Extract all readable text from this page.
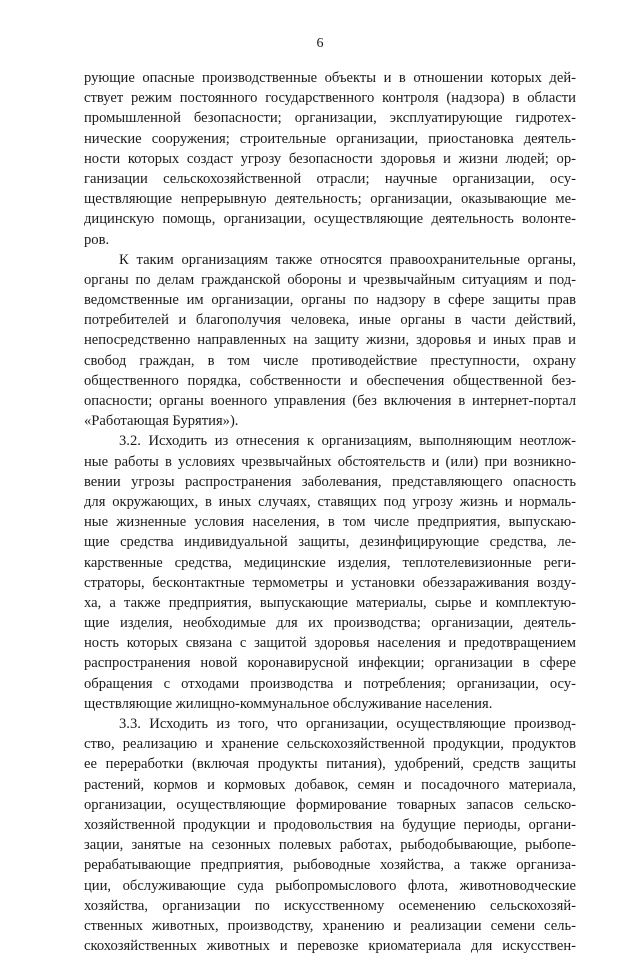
6
рующие опасные производственные объекты и в отношении которых дей-
ствует режим постоянного государственного контроля (надзора) в области
промышленной безопасности; организации, эксплуатирующие гидротех-
нические сооружения; строительные организации, приостановка деятель-
ности которых создаст угрозу безопасности здоровья и жизни людей; ор-
ганизации сельскохозяйственной отрасли; научные организации, осу-
ществляющие непрерывную деятельность; организации, оказывающие ме-
дицинскую помощь, организации, осуществляющие деятельность волонте-
ров.
К таким организациям также относятся правоохранительные органы,
органы по делам гражданской обороны и чрезвычайным ситуациям и под-
ведомственные им организации, органы по надзору в сфере защиты прав
потребителей и благополучия человека, иные органы в части действий,
непосредственно направленных на защиту жизни, здоровья и иных прав и
свобод граждан, в том числе противодействие преступности, охрану
общественного порядка, собственности и обеспечения общественной без-
опасности; органы военного управления (без включения в интернет-портал
«Работающая Бурятия»).
3.2. Исходить из отнесения к организациям, выполняющим неотлож-
ные работы в условиях чрезвычайных обстоятельств и (или) при возникно-
вении угрозы распространения заболевания, представляющего опасность
для окружающих, в иных случаях, ставящих под угрозу жизнь и нормаль-
ные жизненные условия населения, в том числе предприятия, выпускаю-
щие средства индивидуальной защиты, дезинфицирующие средства, ле-
карственные средства, медицинские изделия, теплотелевизионные реги-
страторы, бесконтактные термометры и установки обеззараживания возду-
ха, а также предприятия, выпускающие материалы, сырье и комплектую-
щие изделия, необходимые для их производства; организации, деятель-
ность которых связана с защитой здоровья населения и предотвращением
распространения новой коронавирусной инфекции; организации в сфере
обращения с отходами производства и потребления; организации, осу-
ществляющие жилищно-коммунальное обслуживание населения.
3.3. Исходить из того, что организации, осуществляющие производ-
ство, реализацию и хранение сельскохозяйственной продукции, продуктов
ее переработки (включая продукты питания), удобрений, средств защиты
растений, кормов и кормовых добавок, семян и посадочного материала,
организации, осуществляющие формирование товарных запасов сельско-
хозяйственной продукции и продовольствия на будущие периоды, органи-
зации, занятые на сезонных полевых работах, рыбодобывающие, рыбопе-
рерабатывающие предприятия, рыбоводные хозяйства, а также организа-
ции, обслуживающие суда рыбопромыслового флота, животноводческие
хозяйства, организации по искусственному осеменению сельскохозяй-
ственных животных, производству, хранению и реализации семени сель-
скохозяйственных животных и перевозке криоматериала для искусствен-
